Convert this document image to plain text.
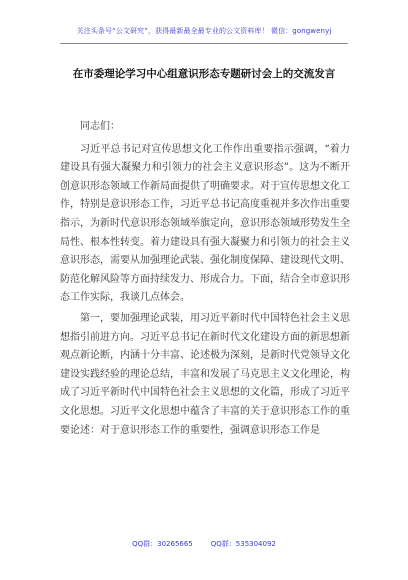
关注头条号“公文研究”，获得最新最全最专业的公文资料库！ 微信：gongwenyj
在市委理论学习中心组意识形态专题研讨会上的交流发言

同志们：

习近平总书记对宣传思想文化工作作出重要指示强调，“着力建设具有强大凝聚力和引领力的社会主义意识形态”。这为不断开创意识形态领域工作新局面提供了明确要求。对于宣传思想文化工作，特别是意识形态工作，习近平总书记高度重视并多次作出重要指示，为新时代意识形态领域举旗定向，意识形态领域形势发生全局性、根本性转变。着力建设具有强大凝聚力和引领力的社会主义意识形态，需要从加强理论武装、强化制度保障、建设现代文明、防范化解风险等方面持续发力、形成合力。下面，结合全市意识形态工作实际，我谈几点体会。

第一，要加强理论武装，用习近平新时代中国特色社会主义思想指引前进方向。习近平总书记在新时代文化建设方面的新思想新观点新论断，内涵十分丰富、论述极为深刻，是新时代党领导文化建设实践经验的理论总结，丰富和发展了马克思主义文化理论，构成了习近平新时代中国特色社会主义思想的文化篇，形成了习近平文化思想。习近平文化思想中蕴含了丰富的关于意识形态工作的重要论述：对于意识形态工作的重要性，强调意识形态工作是

QQ群：30265665	QQ群：535304092
